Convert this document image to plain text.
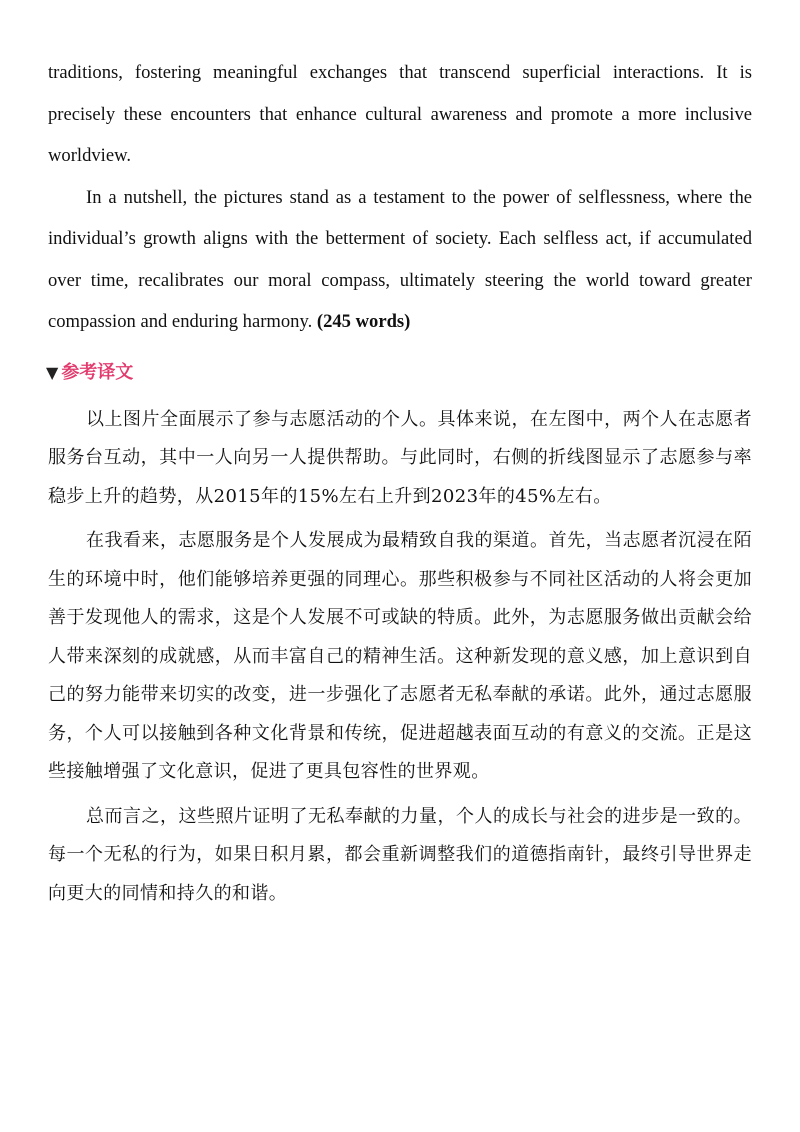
traditions, fostering meaningful exchanges that transcend superficial interactions. It is precisely these encounters that enhance cultural awareness and promote a more inclusive worldview.

In a nutshell, the pictures stand as a testament to the power of selflessness, where the individual’s growth aligns with the betterment of society. Each selfless act, if accumulated over time, recalibrates our moral compass, ultimately steering the world toward greater compassion and enduring harmony. (245 words)

▼ 参考译文

以上图片全面展示了参与志愿活动的个人。具体来说，在左图中，两个人在志愿者服务台互动，其中一人向另一人提供帮助。与此同时，右侧的折线图显示了志愿参与率稳步上升的趋势，从2015年的15%左右上升到2023年的45%左右。

在我看来，志愿服务是个人发展成为最精致自我的渠道。首先，当志愿者沉浸在陌生的环境中时，他们能够培养更强的同理心。那些积极参与不同社区活动的人将会更加善于发现他人的需求，这是个人发展不可或缺的特质。此外，为志愿服务做出贡献会给人带来深刻的成就感，从而丰富自己的精神生活。这种新发现的意义感，加上意识到自己的努力能带来切实的改变，进一步强化了志愿者无私奉献的承诺。此外，通过志愿服务，个人可以接触到各种文化背景和传统，促进超越表面互动的有意义的交流。正是这些接触增强了文化意识，促进了更具包容性的世界观。

总而言之，这些照片证明了无私奉献的力量，个人的成长与社会的进步是一致的。每一个无私的行为，如果日积月累，都会重新调整我们的道德指南针，最终引导世界走向更大的同情和持久的和谐。
